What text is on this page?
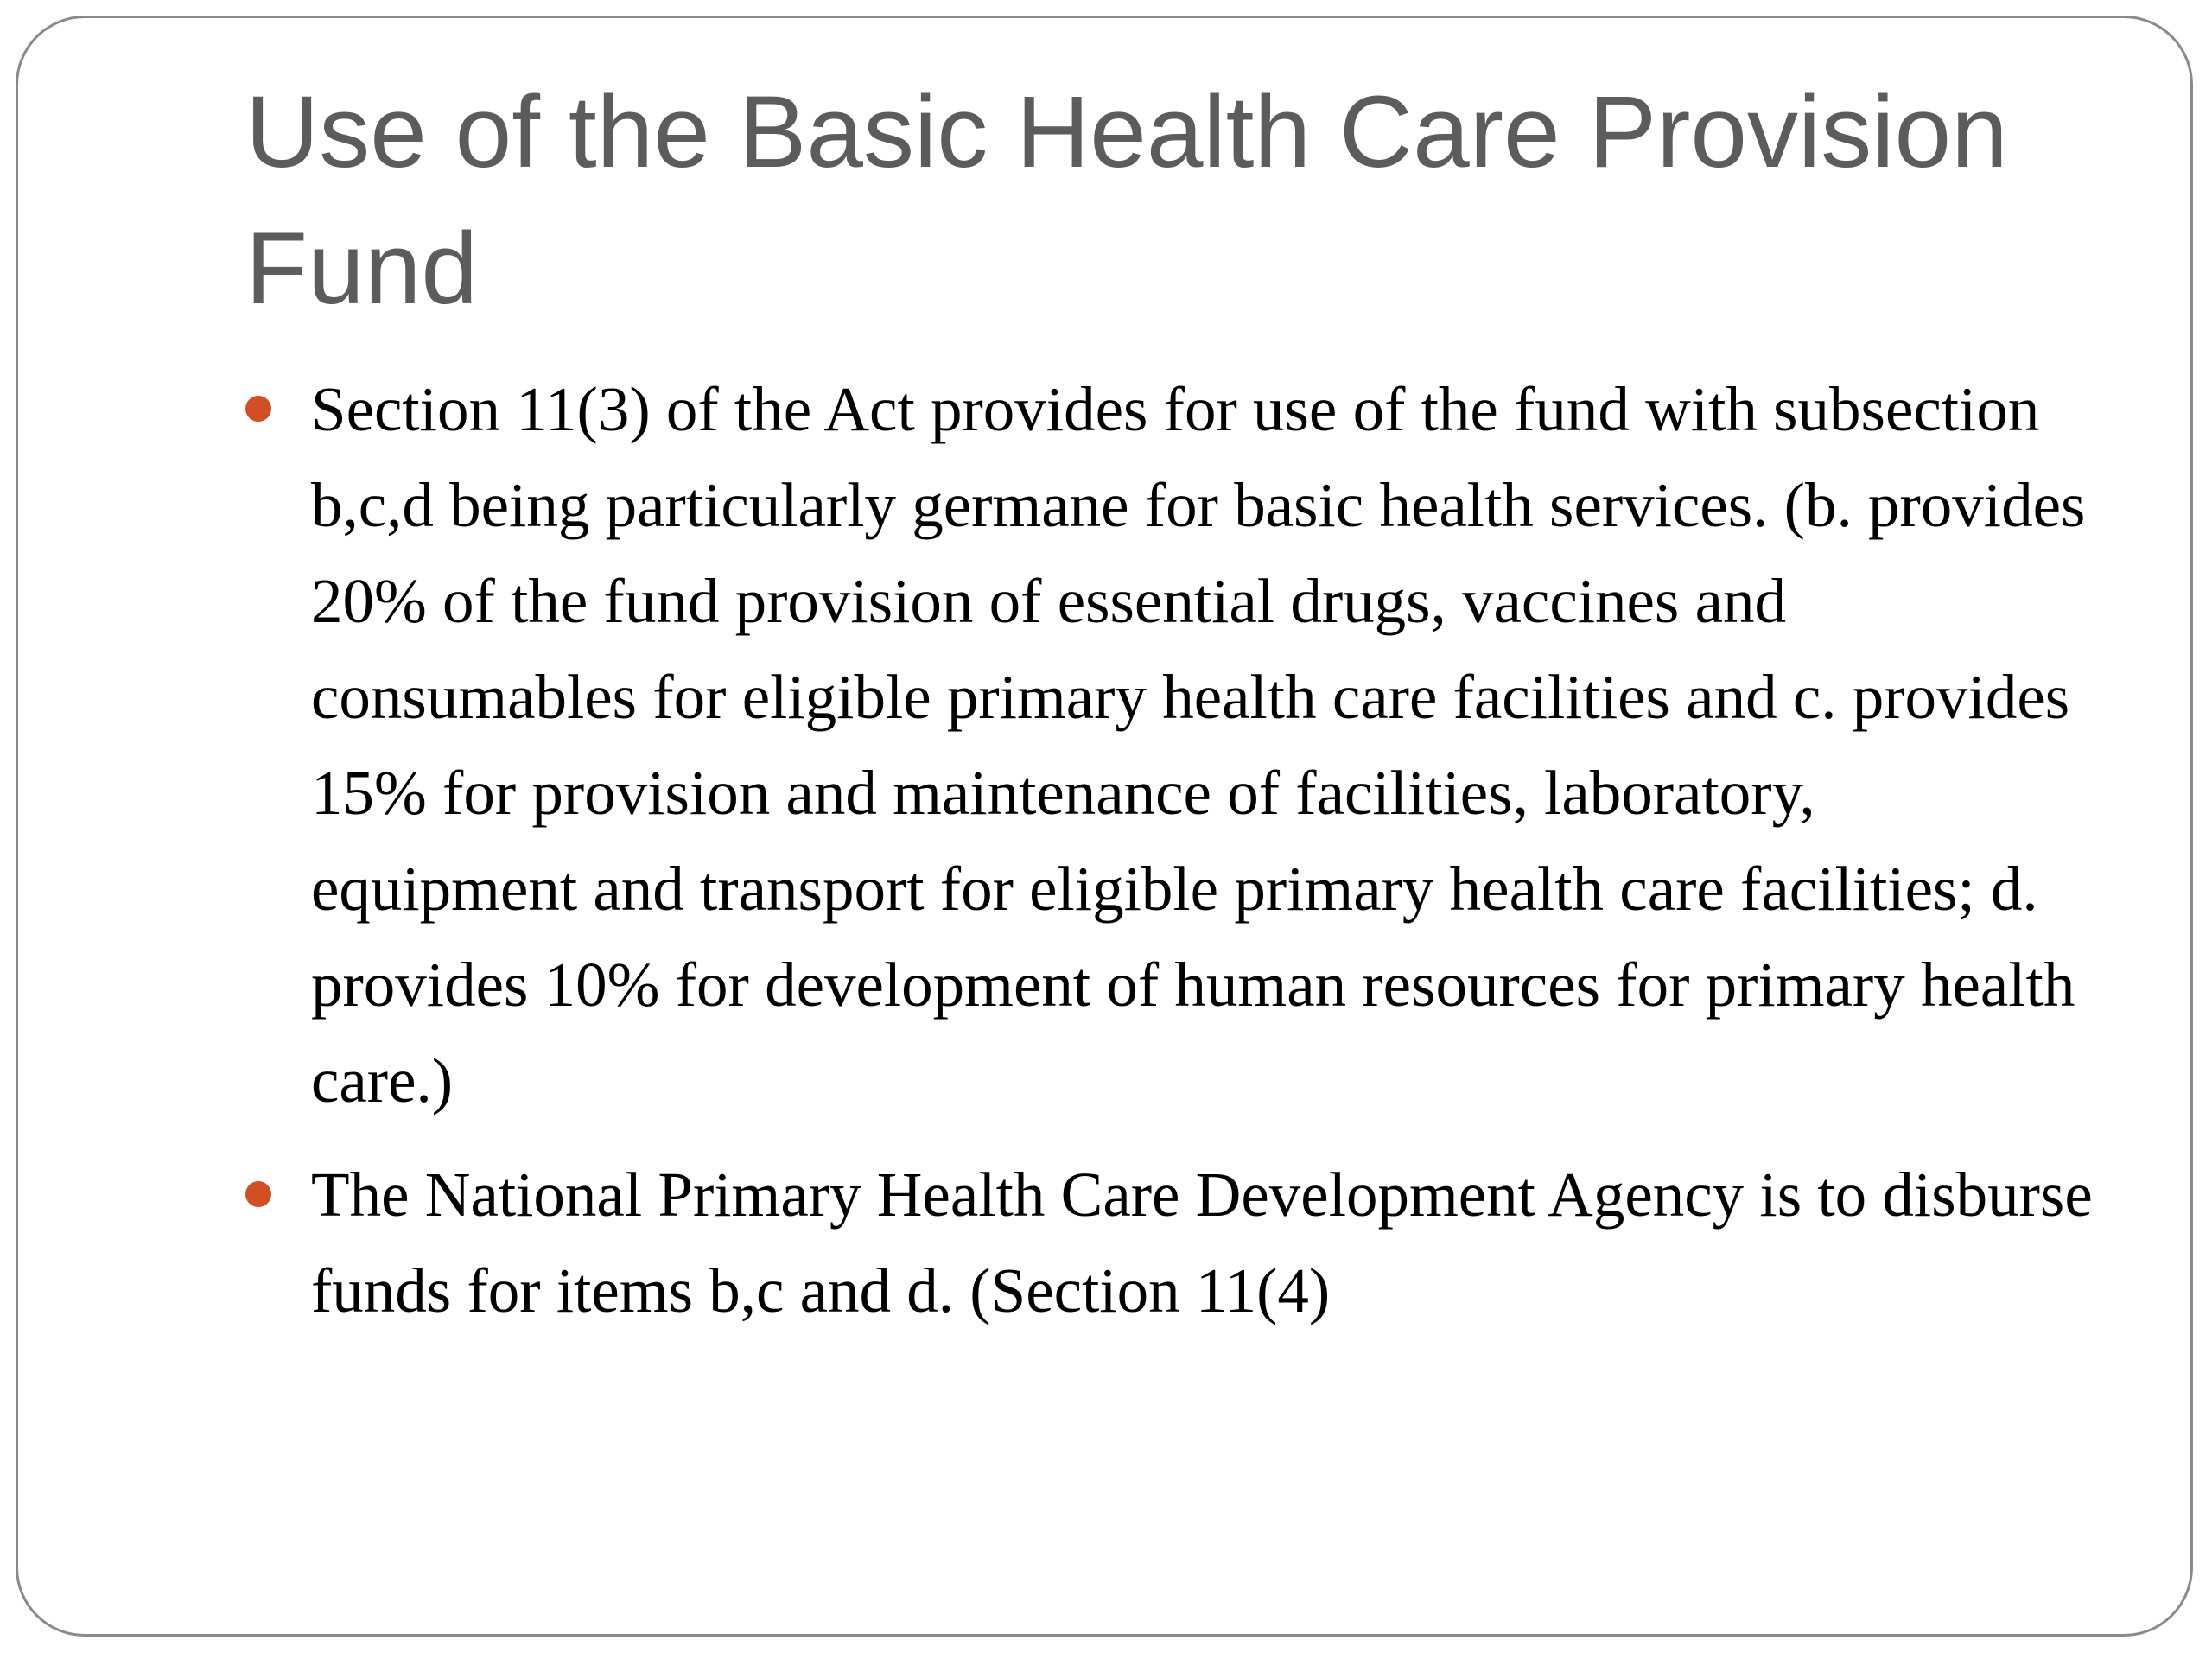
Use of the Basic Health Care Provision Fund
Section 11(3) of the Act provides for use of the fund with subsection b,c,d being particularly germane for basic health services. (b. provides 20% of the fund provision of essential drugs, vaccines and consumables for eligible primary health care facilities and c. provides 15% for provision and maintenance of facilities, laboratory, equipment and transport for eligible primary health care facilities; d. provides 10% for development of human resources for primary health care.)
The National Primary Health Care Development Agency is to disburse funds for items b,c and d. (Section 11(4)
